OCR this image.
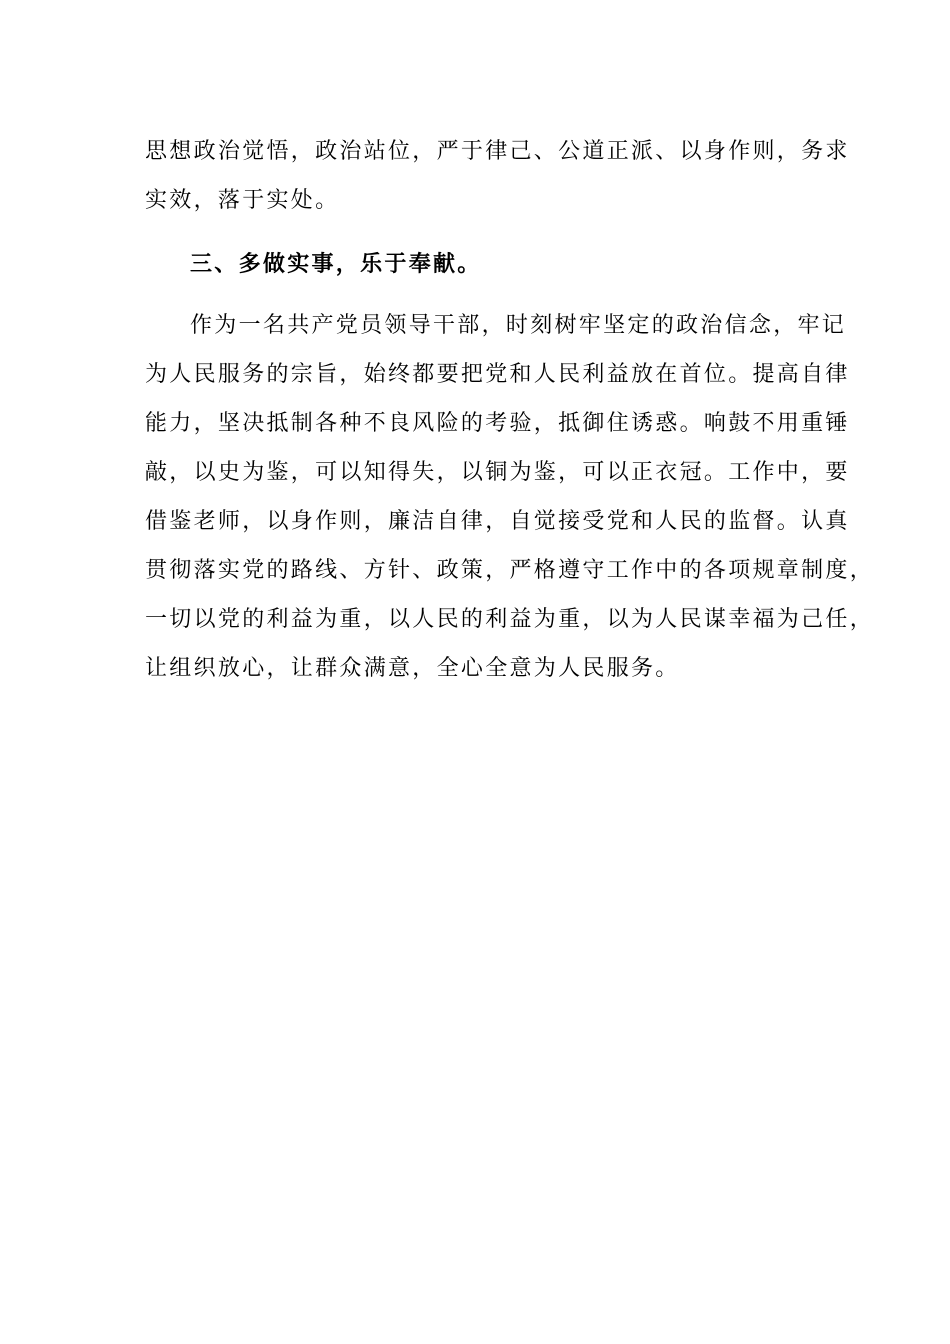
思想政治觉悟，政治站位，严于律己、公道正派、以身作则，务求
实效，落于实处。
三、多做实事，乐于奉献。
作为一名共产党员领导干部，时刻树牢坚定的政治信念，牢记
为人民服务的宗旨，始终都要把党和人民利益放在首位。提高自律
能力，坚决抵制各种不良风险的考验，抵御住诱惑。响鼓不用重锤
敲，以史为鉴，可以知得失，以铜为鉴，可以正衣冠。工作中，要
借鉴老师，以身作则，廉洁自律，自觉接受党和人民的监督。认真
贯彻落实党的路线、方针、政策，严格遵守工作中的各项规章制度，
一切以党的利益为重，以人民的利益为重，以为人民谋幸福为己任，
让组织放心，让群众满意，全心全意为人民服务。
